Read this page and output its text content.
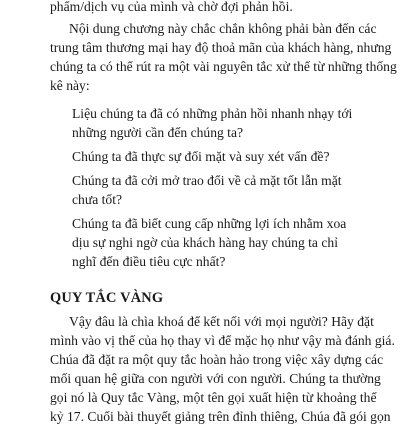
phẩm/dịch vụ của mình và chờ đợi phản hồi.
Nội dung chương này chắc chắn không phải bàn đến các
trung tâm thương mại hay độ thoả mãn của khách hàng, nhưng
chúng ta có thể rút ra một vài nguyên tắc xử thế từ những thống
kê này:
Liệu chúng ta đã có những phản hồi nhanh nhạy tới
những người cần đến chúng ta?
Chúng ta đã thực sự đối mặt và suy xét vấn đề?
Chúng ta đã cởi mở trao đổi về cả mặt tốt lẫn mặt
chưa tốt?
Chúng ta đã biết cung cấp những lợi ích nhằm xoa
dịu sự nghi ngờ của khách hàng hay chúng ta chỉ
nghĩ đến điều tiêu cực nhất?
QUY TẮC VÀNG
Vậy đâu là chìa khoá để kết nối với mọi người? Hãy đặt
mình vào vị thế của họ thay vì để mặc họ như vậy mà đánh giá.
Chúa đã đặt ra một quy tắc hoàn hảo trong việc xây dựng các
mối quan hệ giữa con người với con người. Chúng ta thường
gọi nó là Quy tắc Vàng, một tên gọi xuất hiện từ khoảng thế
kỷ 17. Cuối bài thuyết giảng trên đỉnh thiêng, Chúa đã gói gọn
